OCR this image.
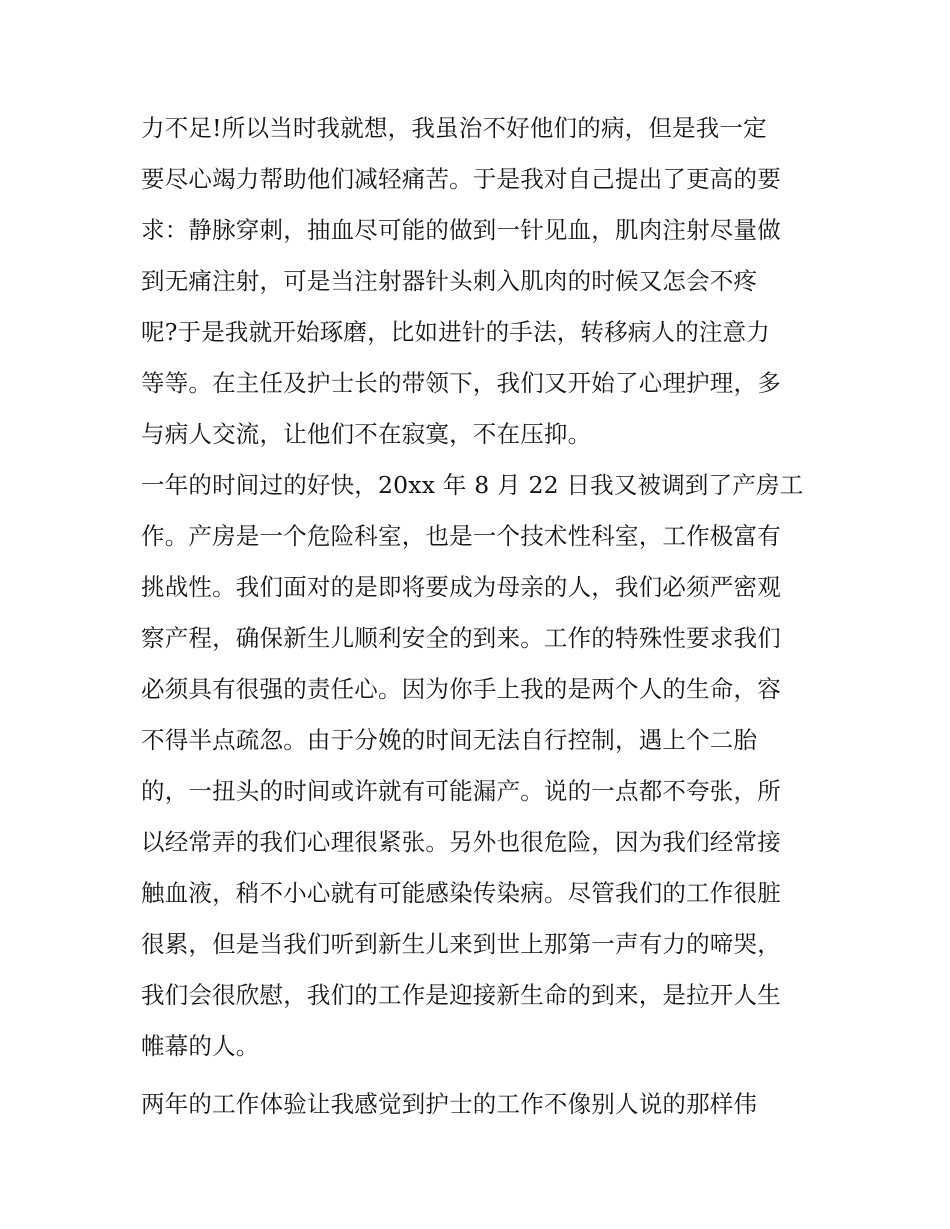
力不足!所以当时我就想，我虽治不好他们的病，但是我一定
要尽心竭力帮助他们减轻痛苦。于是我对自己提出了更高的要
求：静脉穿刺，抽血尽可能的做到一针见血，肌肉注射尽量做
到无痛注射，可是当注射器针头刺入肌肉的时候又怎会不疼
呢?于是我就开始琢磨，比如进针的手法，转移病人的注意力
等等。在主任及护士长的带领下，我们又开始了心理护理，多
与病人交流，让他们不在寂寞，不在压抑。
一年的时间过的好快，20xx 年 8 月 22 日我又被调到了产房工
作。产房是一个危险科室，也是一个技术性科室，工作极富有
挑战性。我们面对的是即将要成为母亲的人，我们必须严密观
察产程，确保新生儿顺利安全的到来。工作的特殊性要求我们
必须具有很强的责任心。因为你手上我的是两个人的生命，容
不得半点疏忽。由于分娩的时间无法自行控制，遇上个二胎
的，一扭头的时间或许就有可能漏产。说的一点都不夸张，所
以经常弄的我们心理很紧张。另外也很危险，因为我们经常接
触血液，稍不小心就有可能感染传染病。尽管我们的工作很脏
很累，但是当我们听到新生儿来到世上那第一声有力的啼哭，
我们会很欣慰，我们的工作是迎接新生命的到来，是拉开人生
帷幕的人。
两年的工作体验让我感觉到护士的工作不像别人说的那样伟
